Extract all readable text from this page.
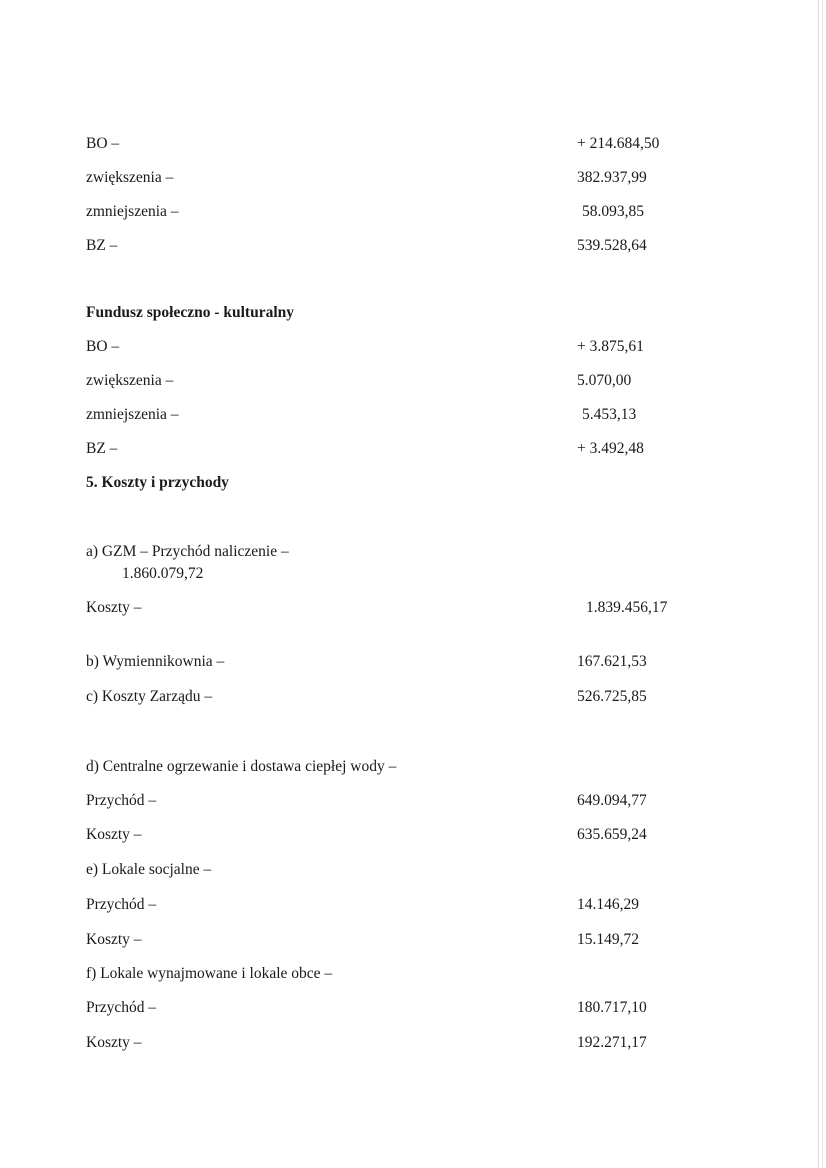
BO –	+ 214.684,50
zwiększenia –	382.937,99
zmniejszenia –	58.093,85
BZ –	539.528,64
Fundusz społeczno - kulturalny
BO –	+ 3.875,61
zwiększenia –	5.070,00
zmniejszenia –	5.453,13
BZ –	+ 3.492,48
5. Koszty i przychody
a) GZM – Przychód naliczenie –
1.860.079,72
Koszty –	1.839.456,17
b) Wymiennikownia –	167.621,53
c) Koszty Zarządu –	526.725,85
d) Centralne ogrzewanie i dostawa ciepłej wody –
Przychód –	649.094,77
Koszty –	635.659,24
e) Lokale socjalne –
Przychód –	14.146,29
Koszty –	15.149,72
f) Lokale wynajmowane i lokale obce –
Przychód –	180.717,10
Koszty –	192.271,17
